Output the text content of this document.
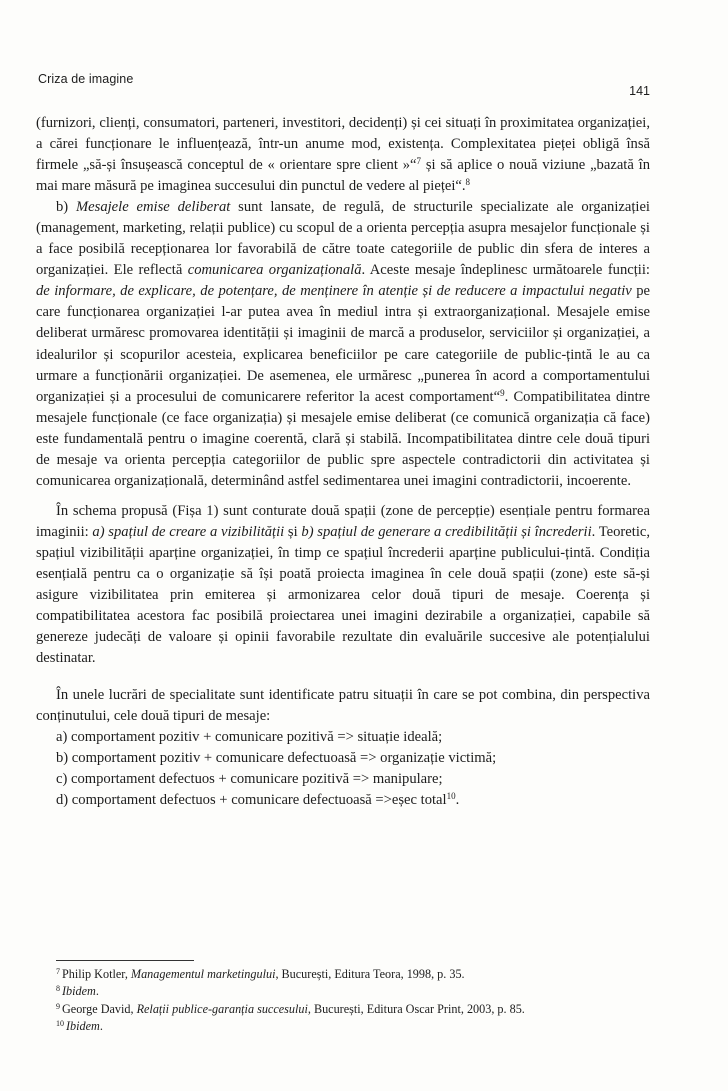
Criza de imagine
141

(furnizori, clienți, consumatori, parteneri, investitori, decidenți) și cei situați în proximitatea organizației, a cărei funcționare le influențează, într-un anume mod, existența. Complexitatea pieței obligă însă firmele „să-și însușească conceptul de « orientare spre client »“$^7$ și să aplice o nouă viziune „bazată în mai mare măsură pe imaginea succesului din punctul de vedere al pieței“.$^8$

b) Mesajele emise deliberat sunt lansate, de regulă, de structurile specializate ale organizației (management, marketing, relații publice) cu scopul de a orienta percepția asupra mesajelor funcționale și a face posibilă recepționarea lor favorabilă de către toate categoriile de public din sfera de interes a organizației. Ele reflectă comunicarea organizațională. Aceste mesaje îndeplinesc următoarele funcții: de informare, de explicare, de potențare, de menținere în atenție și de reducere a impactului negativ pe care funcționarea organizației l-ar putea avea în mediul intra și extraorganizațional. Mesajele emise deliberat urmăresc promovarea identității și imaginii de marcă a produselor, serviciilor și organizației, a idealurilor și scopurilor acesteia, explicarea beneficiilor pe care categoriile de public-țintă le au ca urmare a funcționării organizației. De asemenea, ele urmăresc „punerea în acord a comportamentului organizației și a procesului de comunicarere referitor la acest comportament“$^9$. Compatibilitatea dintre mesajele funcționale (ce face organizația) și mesajele emise deliberat (ce comunică organizația că face) este fundamentală pentru o imagine coerentă, clară și stabilă. Incompatibilitatea dintre cele două tipuri de mesaje va orienta percepția categoriilor de public spre aspectele contradictorii din activitatea și comunicarea organizațională, determinând astfel sedimentarea unei imagini contradictorii, incoerente.

În schema propusă (Fișa 1) sunt conturate două spații (zone de percepție) esențiale pentru formarea imaginii: a) spațiul de creare a vizibilității și b) spațiul de generare a credibilității și încrederii. Teoretic, spațiul vizibilității aparține organizației, în timp ce spațiul încrederii aparține publicului-țintă. Condiția esențială pentru ca o organizație să își poată proiecta imaginea în cele două spații (zone) este să-și asigure vizibilitatea prin emiterea și armonizarea celor două tipuri de mesaje. Coerența și compatibilitatea acestora fac posibilă proiectarea unei imagini dezirabile a organizației, capabile să genereze judecăți de valoare și opinii favorabile rezultate din evaluările succesive ale potențialului destinatar.

În unele lucrări de specialitate sunt identificate patru situații în care se pot combina, din perspectiva conținutului, cele două tipuri de mesaje:

a) comportament pozitiv + comunicare pozitivă => situație ideală;
b) comportament pozitiv + comunicare defectuoasă => organizație victimă;
c) comportament defectuos + comunicare pozitivă => manipulare;
d) comportament defectuos + comunicare defectuoasă =>eșec total$^{10}$.

$^7$ Philip Kotler, Managementul marketingului, București, Editura Teora, 1998, p. 35.

$^8$ Ibidem.

$^9$ George David, Relații publice-garanția succesului, București, Editura Oscar Print, 2003, p. 85.

$^{10}$ Ibidem.
